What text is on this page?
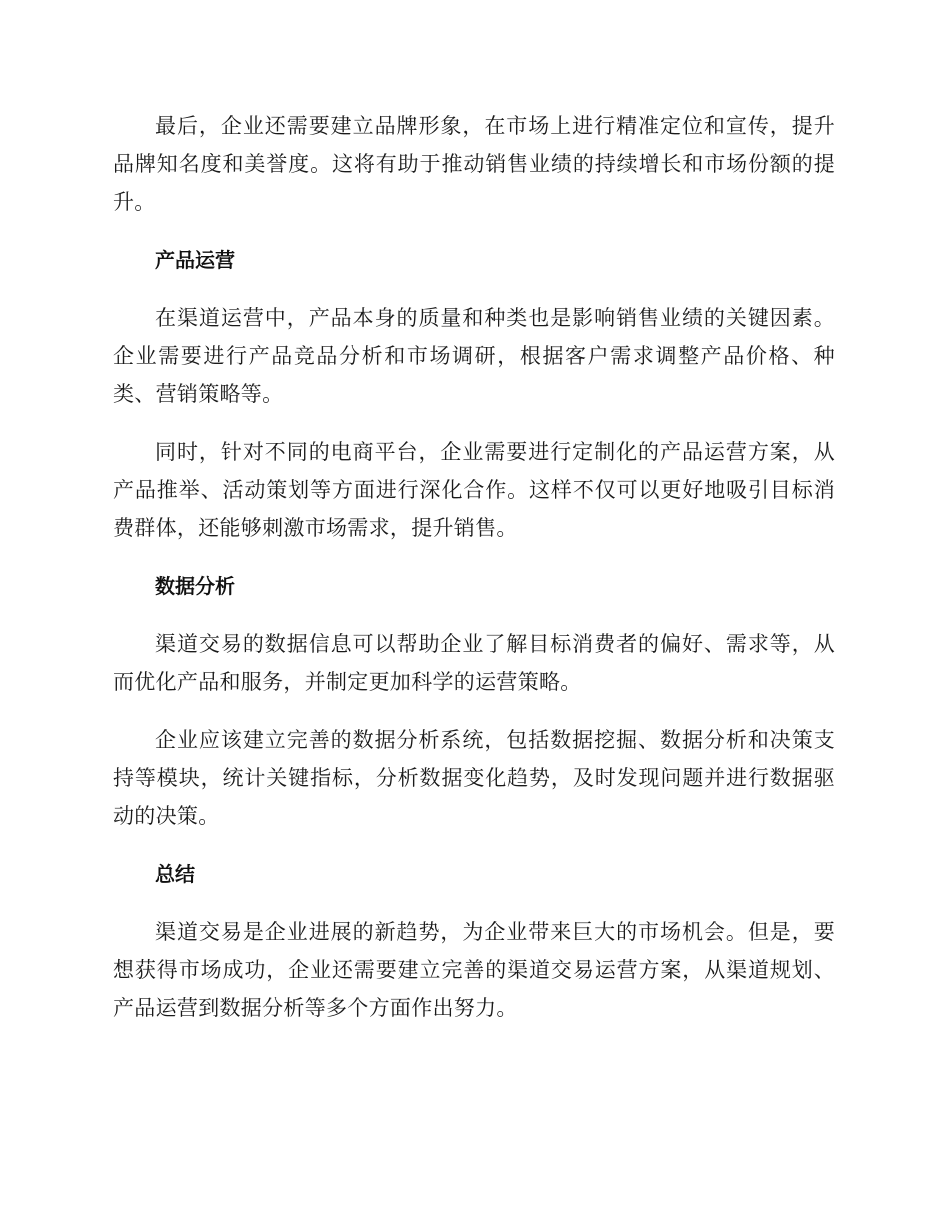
最后，企业还需要建立品牌形象，在市场上进行精准定位和宣传，提升品牌知名度和美誉度。这将有助于推动销售业绩的持续增长和市场份额的提升。

产品运营

在渠道运营中，产品本身的质量和种类也是影响销售业绩的关键因素。企业需要进行产品竞品分析和市场调研，根据客户需求调整产品价格、种类、营销策略等。

同时，针对不同的电商平台，企业需要进行定制化的产品运营方案，从产品推举、活动策划等方面进行深化合作。这样不仅可以更好地吸引目标消费群体，还能够刺激市场需求，提升销售。

数据分析

渠道交易的数据信息可以帮助企业了解目标消费者的偏好、需求等，从而优化产品和服务，并制定更加科学的运营策略。

企业应该建立完善的数据分析系统，包括数据挖掘、数据分析和决策支持等模块，统计关键指标，分析数据变化趋势，及时发现问题并进行数据驱动的决策。

总结

渠道交易是企业进展的新趋势，为企业带来巨大的市场机会。但是，要想获得市场成功，企业还需要建立完善的渠道交易运营方案，从渠道规划、产品运营到数据分析等多个方面作出努力。
